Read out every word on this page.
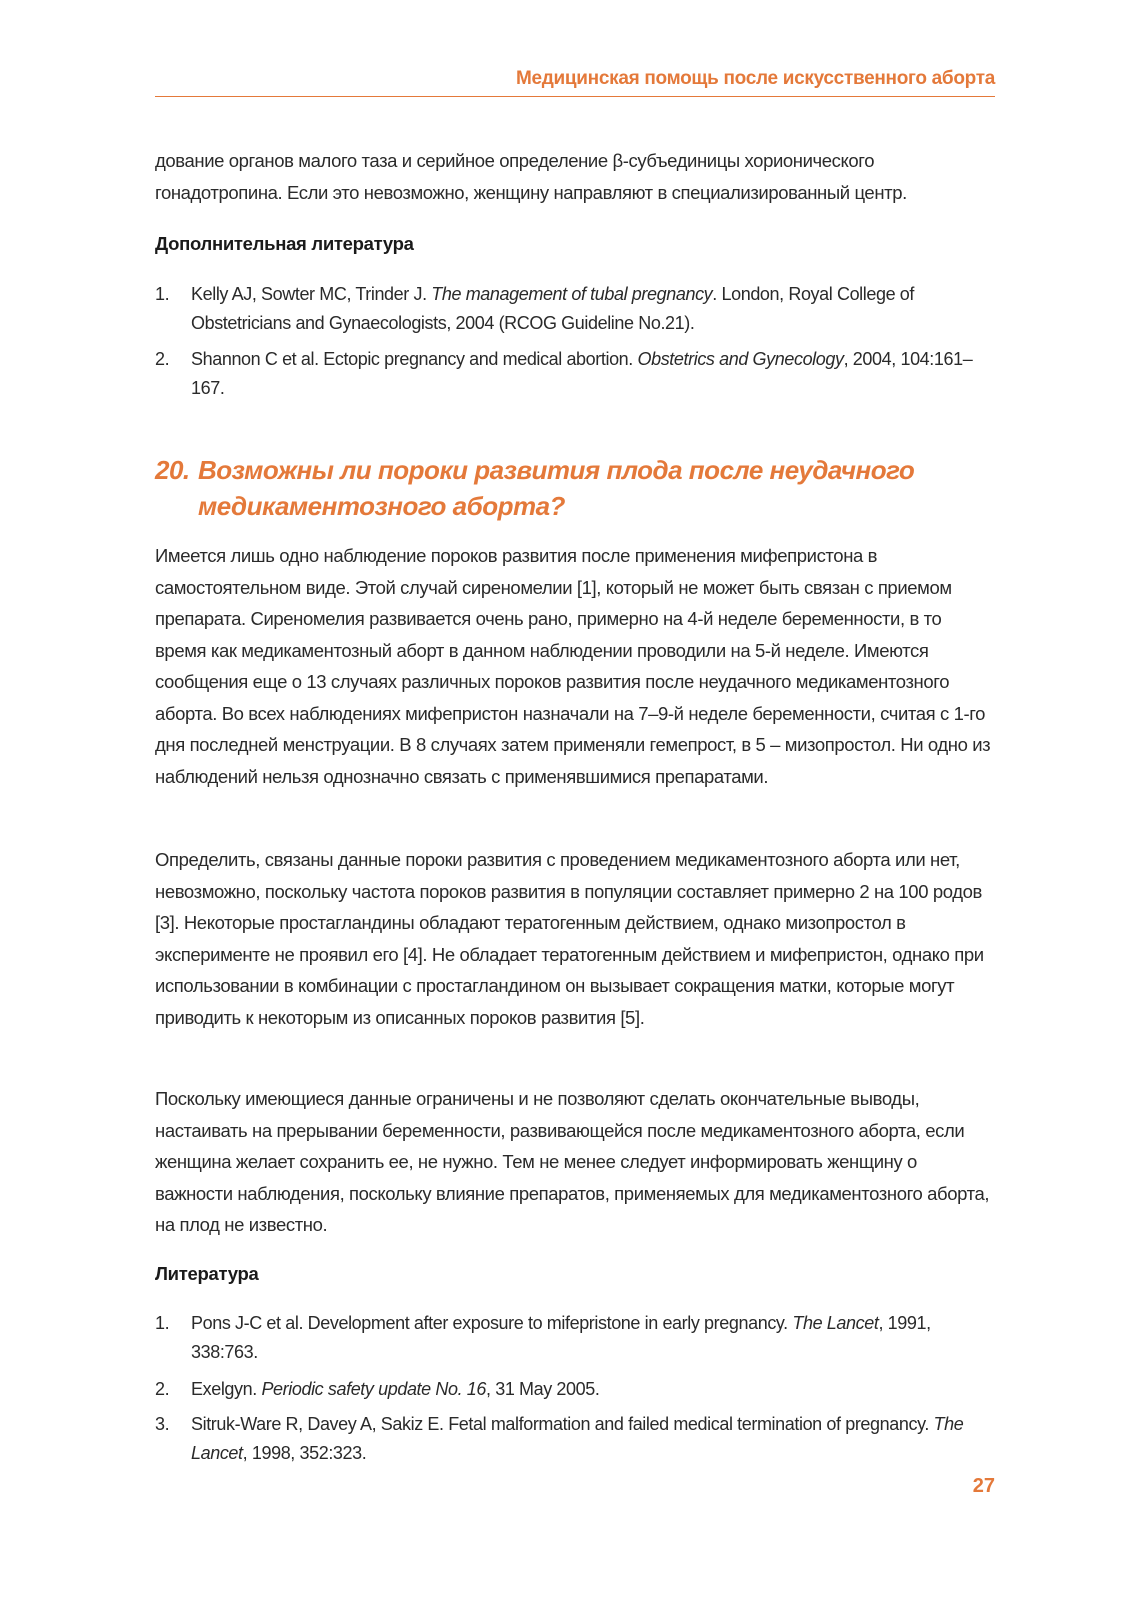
Медицинская помощь после искусственного аборта

дование органов малого таза и серийное определение β-субъединицы хорионического гонадотропина. Если это невозможно, женщину направляют в специализированный центр.

Дополнительная литература
1. Kelly AJ, Sowter MC, Trinder J. The management of tubal pregnancy. London, Royal College of Obstetricians and Gynaecologists, 2004 (RCOG Guideline No.21).
2. Shannon C et al. Ectopic pregnancy and medical abortion. Obstetrics and Gynecology, 2004, 104:161–167.
20. Возможны ли пороки развития плода после неудачного медикаментозного аборта?

Имеется лишь одно наблюдение пороков развития после применения мифепристона в самостоятельном виде. Этой случай сиреномелии [1], который не может быть связан с приемом препарата. Сиреномелия развивается очень рано, примерно на 4-й неделе беременности, в то время как медикаментозный аборт в данном наблюдении проводили на 5-й неделе. Имеются сообщения еще о 13 случаях различных пороков развития после неудачного медикаментозного аборта. Во всех наблюдениях мифепристон назначали на 7–9-й неделе беременности, считая с 1-го дня последней менструации. В 8 случаях затем применяли гемепрост, в 5 – мизопростол. Ни одно из наблюдений нельзя однозначно связать с применявшимися препаратами.

Определить, связаны данные пороки развития с проведением медикаментозного аборта или нет, невозможно, поскольку частота пороков развития в популяции составляет примерно 2 на 100 родов [3]. Некоторые простагландины обладают тератогенным действием, однако мизопростол в эксперименте не проявил его [4]. Не обладает тератогенным действием и мифепристон, однако при использовании в комбинации с простагландином он вызывает сокращения матки, которые могут приводить к некоторым из описанных пороков развития [5].

Поскольку имеющиеся данные ограничены и не позволяют сделать окончательные выводы, настаивать на прерывании беременности, развивающейся после медикаментозного аборта, если женщина желает сохранить ее, не нужно. Тем не менее следует информировать женщину о важности наблюдения, поскольку влияние препаратов, применяемых для медикаментозного аборта, на плод не известно.

Литература
1. Pons J-C et al. Development after exposure to mifepristone in early pregnancy. The Lancet, 1991, 338:763.
2. Exelgyn. Periodic safety update No. 16, 31 May 2005.
3. Sitruk-Ware R, Davey A, Sakiz E. Fetal malformation and failed medical termination of pregnancy. The Lancet, 1998, 352:323.
27
